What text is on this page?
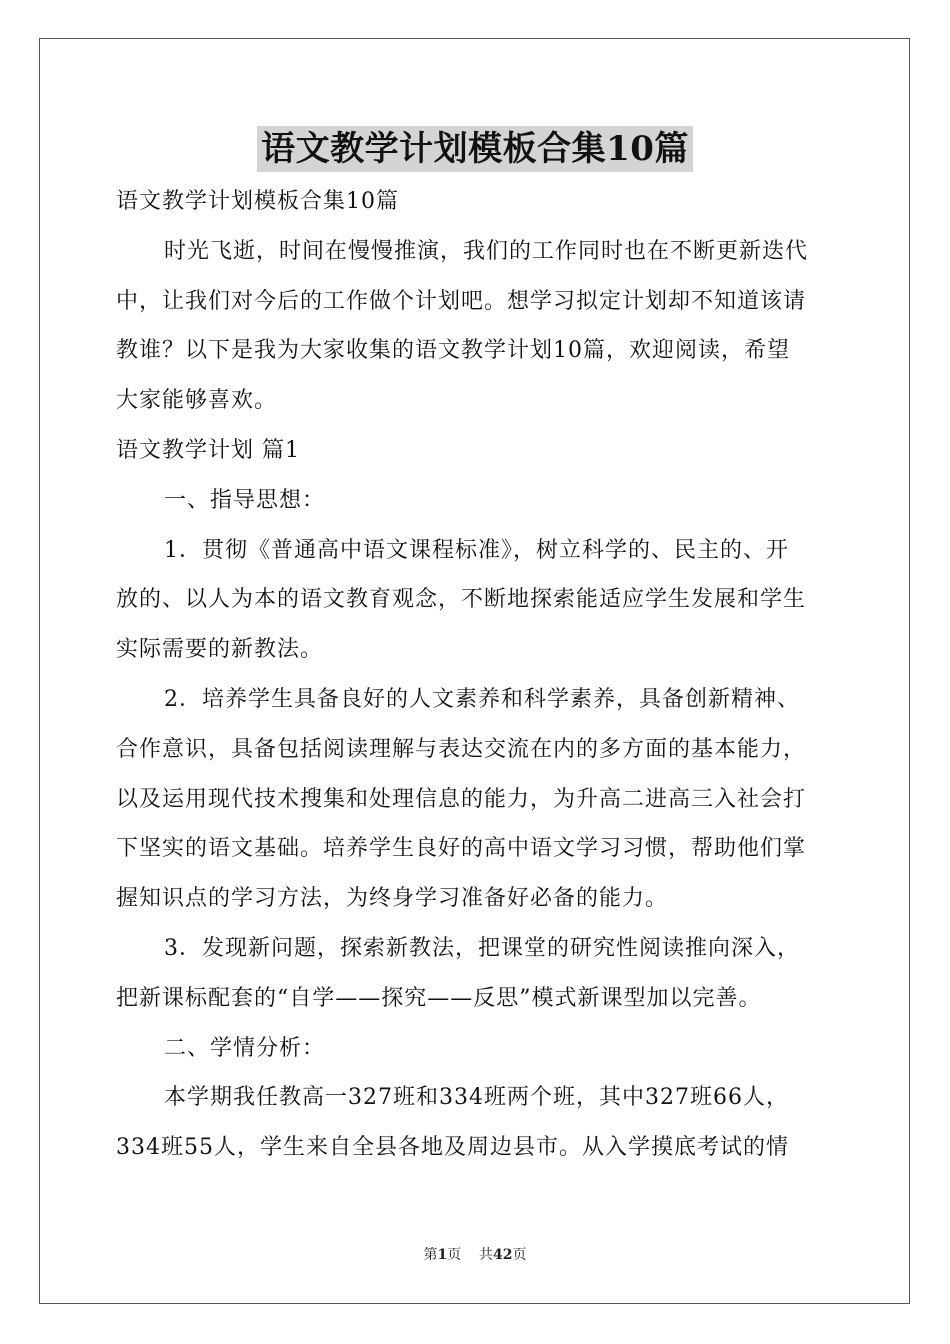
语文教学计划模板合集10篇
语文教学计划模板合集10篇
时光飞逝，时间在慢慢推演，我们的工作同时也在不断更新迭代
中，让我们对今后的工作做个计划吧。想学习拟定计划却不知道该请
教谁？以下是我为大家收集的语文教学计划10篇，欢迎阅读，希望
大家能够喜欢。
语文教学计划 篇1
一、指导思想：
1．贯彻《普通高中语文课程标准》，树立科学的、民主的、开
放的、以人为本的语文教育观念，不断地探索能适应学生发展和学生
实际需要的新教法。
2．培养学生具备良好的人文素养和科学素养，具备创新精神、
合作意识，具备包括阅读理解与表达交流在内的多方面的基本能力，
以及运用现代技术搜集和处理信息的能力，为升高二进高三入社会打
下坚实的语文基础。培养学生良好的高中语文学习习惯，帮助他们掌
握知识点的学习方法，为终身学习准备好必备的能力。
3．发现新问题，探索新教法，把课堂的研究性阅读推向深入，
把新课标配套的“自学——探究——反思”模式新课型加以完善。
二、学情分析：
本学期我任教高一327班和334班两个班，其中327班66人，
334班55人，学生来自全县各地及周边县市。从入学摸底考试的情
第1页 共42页
